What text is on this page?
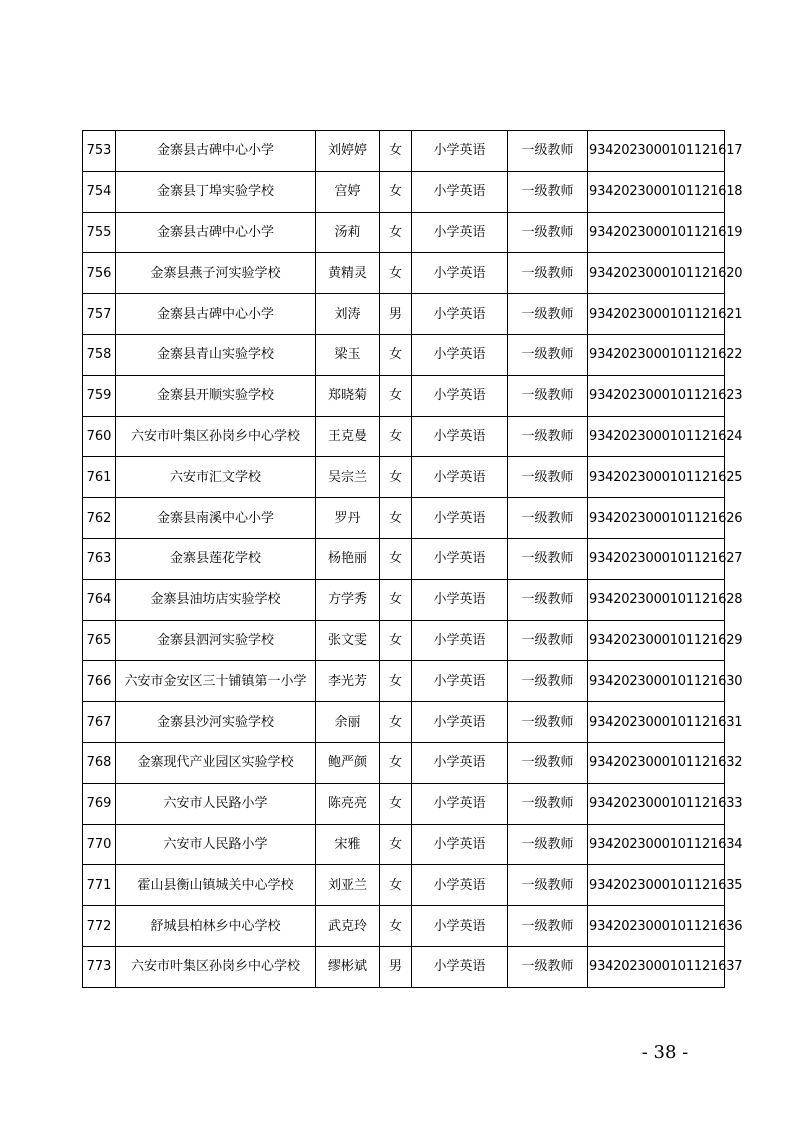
753	金寨县古碑中心小学	刘婷婷	女	小学英语	一级教师	9342023000101121617
754	金寨县丁埠实验学校	宫婷	女	小学英语	一级教师	9342023000101121618
755	金寨县古碑中心小学	汤莉	女	小学英语	一级教师	9342023000101121619
756	金寨县燕子河实验学校	黄精灵	女	小学英语	一级教师	9342023000101121620
757	金寨县古碑中心小学	刘涛	男	小学英语	一级教师	9342023000101121621
758	金寨县青山实验学校	梁玉	女	小学英语	一级教师	9342023000101121622
759	金寨县开顺实验学校	郑晓菊	女	小学英语	一级教师	9342023000101121623
760	六安市叶集区孙岗乡中心学校	王克曼	女	小学英语	一级教师	9342023000101121624
761	六安市汇文学校	吴宗兰	女	小学英语	一级教师	9342023000101121625
762	金寨县南溪中心小学	罗丹	女	小学英语	一级教师	9342023000101121626
763	金寨县莲花学校	杨艳丽	女	小学英语	一级教师	9342023000101121627
764	金寨县油坊店实验学校	方学秀	女	小学英语	一级教师	9342023000101121628
765	金寨县泗河实验学校	张文雯	女	小学英语	一级教师	9342023000101121629
766	六安市金安区三十铺镇第一小学	李光芳	女	小学英语	一级教师	9342023000101121630
767	金寨县沙河实验学校	余丽	女	小学英语	一级教师	9342023000101121631
768	金寨现代产业园区实验学校	鲍严颜	女	小学英语	一级教师	9342023000101121632
769	六安市人民路小学	陈亮亮	女	小学英语	一级教师	9342023000101121633
770	六安市人民路小学	宋雅	女	小学英语	一级教师	9342023000101121634
771	霍山县衡山镇城关中心学校	刘亚兰	女	小学英语	一级教师	9342023000101121635
772	舒城县柏林乡中心学校	武克玲	女	小学英语	一级教师	9342023000101121636
773	六安市叶集区孙岗乡中心学校	缪彬斌	男	小学英语	一级教师	9342023000101121637
- 38 -
